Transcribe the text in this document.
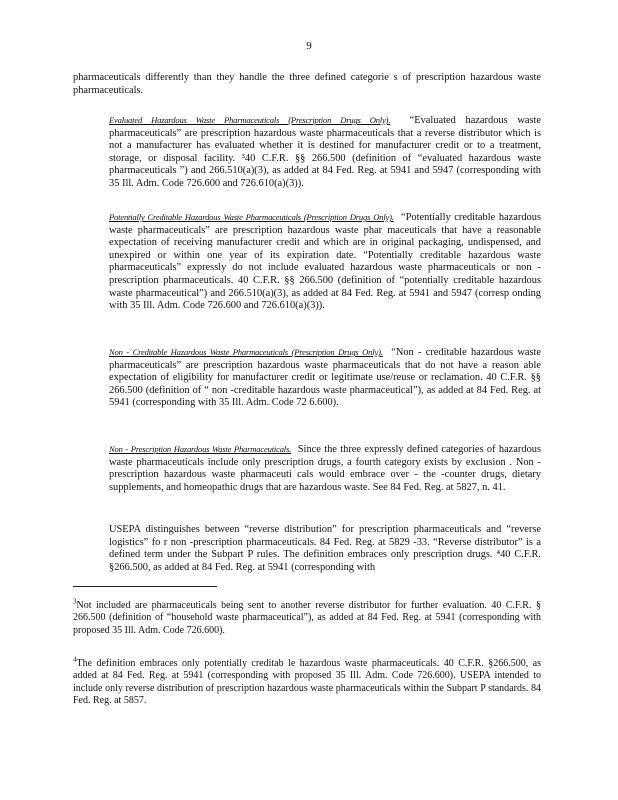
9

pharmaceuticals differently than they handle the three defined categorie s of prescription hazardous waste pharmaceuticals.

Evaluated Hazardous Waste Pharmaceuticals (Prescription Drugs Only). “Evaluated hazardous waste pharmaceuticals” are prescription hazardous waste pharmaceuticals that a reverse distributor which is not a manufacturer has evaluated whether it is destined for manufacturer credit or to a treatment, storage, or disposal facility. ³40 C.F.R. §§ 266.500 (definition of “evaluated hazardous waste pharmaceuticals ”) and 266.510(a)(3), as added at 84 Fed. Reg. at 5941 and 5947 (corresponding with 35 Ill. Adm. Code 726.600 and 726.610(a)(3)).

Potentially Creditable Hazardous Waste Pharmaceuticals (Prescription Drugs Only). “Potentially creditable hazardous waste pharmaceuticals” are prescription hazardous waste phar maceuticals that have a reasonable expectation of receiving manufacturer credit and which are in original packaging, undispensed, and unexpired or within one year of its expiration date. “Potentially creditable hazardous waste pharmaceuticals” expressly do not include evaluated hazardous waste pharmaceuticals or non -prescription pharmaceuticals. 40 C.F.R. §§ 266.500 (definition of “potentially creditable hazardous waste pharmaceutical”) and 266.510(a)(3), as added at 84 Fed. Reg. at 5941 and 5947 (corresp onding with 35 Ill. Adm. Code 726.600 and 726.610(a)(3)).

Non - Creditable Hazardous Waste Pharmaceuticals (Prescription Drugs Only). “Non - creditable hazardous waste pharmaceuticals” are prescription hazardous waste pharmaceuticals that do not have a reason able expectation of eligibility for manufacturer credit or legitimate use/reuse or reclamation. 40 C.F.R. §§ 266.500 (definition of “ non -creditable hazardous waste pharmaceutical”), as added at 84 Fed. Reg. at 5941 (corresponding with 35 Ill. Adm. Code 72 6.600).

Non - Prescription Hazardous Waste Pharmaceuticals. Since the three expressly defined categories of hazardous waste pharmaceuticals include only prescription drugs, a fourth category exists by exclusion . Non -prescription hazardous waste pharmaceuti cals would embrace over - the -counter drugs, dietary supplements, and homeopathic drugs that are hazardous waste. See 84 Fed. Reg. at 5827, n. 41.

USEPA distinguishes between “reverse distribution” for prescription pharmaceuticals and “reverse logistics” fo r non -prescription pharmaceuticals. 84 Fed. Reg. at 5829 -33. “Reverse distributor” is a defined term under the Subpart P rules. The definition embraces only prescription drugs. ⁴40 C.F.R. §266.500, as added at 84 Fed. Reg. at 5941 (corresponding with

$^3$Not included are pharmaceuticals being sent to another reverse distributor for further evaluation. 40 C.F.R. § 266.500 (definition of “household waste pharmaceutical”), as added at 84 Fed. Reg. at 5941 (corresponding with proposed 35 Ill. Adm. Code 726.600).

$^4$The definition embraces only potentially creditab le hazardous waste pharmaceuticals. 40 C.F.R. §266.500, as added at 84 Fed. Reg. at 5941 (corresponding with proposed 35 Ill. Adm. Code 726.600). USEPA intended to include only reverse distribution of prescription hazardous waste pharmaceuticals within the Subpart P standards. 84 Fed. Reg. at 5857.
